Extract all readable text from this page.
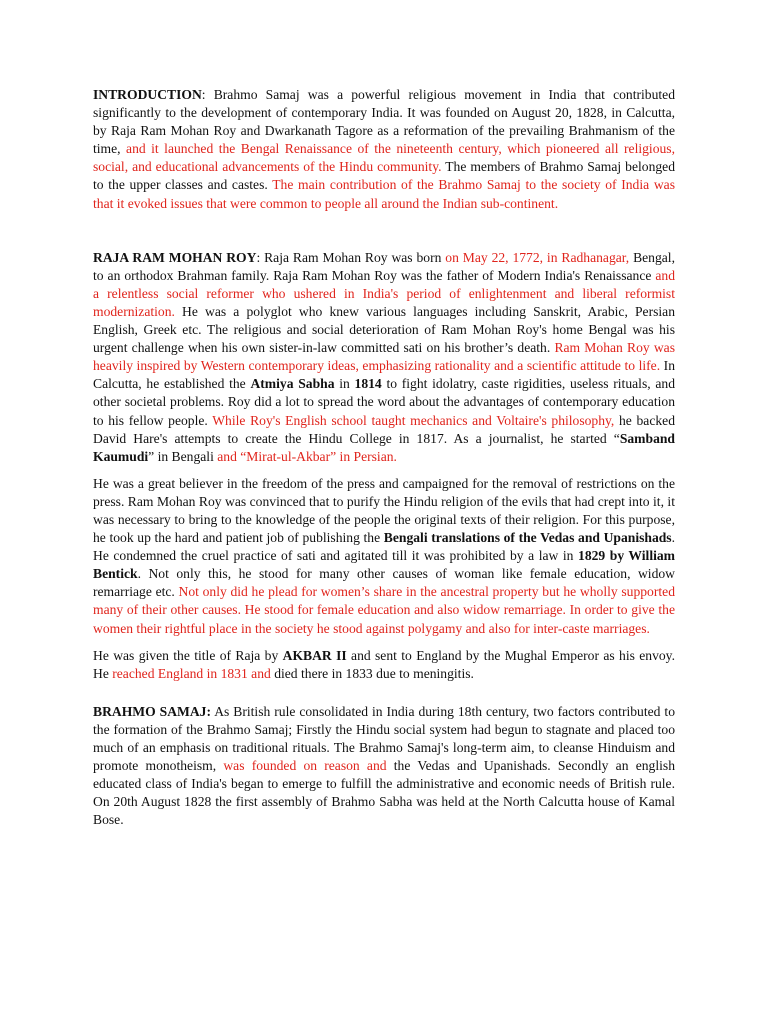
INTRODUCTION: Brahmo Samaj was a powerful religious movement in India that contributed significantly to the development of contemporary India. It was founded on August 20, 1828, in Calcutta, by Raja Ram Mohan Roy and Dwarkanath Tagore as a reformation of the prevailing Brahmanism of the time, and it launched the Bengal Renaissance of the nineteenth century, which pioneered all religious, social, and educational advancements of the Hindu community. The members of Brahmo Samaj belonged to the upper classes and castes. The main contribution of the Brahmo Samaj to the society of India was that it evoked issues that were common to people all around the Indian sub-continent.

RAJA RAM MOHAN ROY: Raja Ram Mohan Roy was born on May 22, 1772, in Radhanagar, Bengal, to an orthodox Brahman family. Raja Ram Mohan Roy was the father of Modern India's Renaissance and a relentless social reformer who ushered in India's period of enlightenment and liberal reformist modernization. He was a polyglot who knew various languages including Sanskrit, Arabic, Persian English, Greek etc. The religious and social deterioration of Ram Mohan Roy's home Bengal was his urgent challenge when his own sister-in-law committed sati on his brother’s death. Ram Mohan Roy was heavily inspired by Western contemporary ideas, emphasizing rationality and a scientific attitude to life. In Calcutta, he established the Atmiya Sabha in 1814 to fight idolatry, caste rigidities, useless rituals, and other societal problems. Roy did a lot to spread the word about the advantages of contemporary education to his fellow people. While Roy's English school taught mechanics and Voltaire's philosophy, he backed David Hare's attempts to create the Hindu College in 1817. As a journalist, he started “Samband Kaumudi” in Bengali and “Mirat-ul-Akbar” in Persian.

He was a great believer in the freedom of the press and campaigned for the removal of restrictions on the press. Ram Mohan Roy was convinced that to purify the Hindu religion of the evils that had crept into it, it was necessary to bring to the knowledge of the people the original texts of their religion. For this purpose, he took up the hard and patient job of publishing the Bengali translations of the Vedas and Upanishads. He condemned the cruel practice of sati and agitated till it was prohibited by a law in 1829 by William Bentick. Not only this, he stood for many other causes of woman like female education, widow remarriage etc. Not only did he plead for women’s share in the ancestral property but he wholly supported many of their other causes. He stood for female education and also widow remarriage. In order to give the women their rightful place in the society he stood against polygamy and also for inter-caste marriages.

He was given the title of Raja by AKBAR II and sent to England by the Mughal Emperor as his envoy. He reached England in 1831 and died there in 1833 due to meningitis.

BRAHMO SAMAJ: As British rule consolidated in India during 18th century, two factors contributed to the formation of the Brahmo Samaj; Firstly the Hindu social system had begun to stagnate and placed too much of an emphasis on traditional rituals. The Brahmo Samaj's long-term aim, to cleanse Hinduism and promote monotheism, was founded on reason and the Vedas and Upanishads. Secondly an english educated class of India's began to emerge to fulfill the administrative and economic needs of British rule. On 20th August 1828 the first assembly of Brahmo Sabha was held at the North Calcutta house of Kamal Bose.
